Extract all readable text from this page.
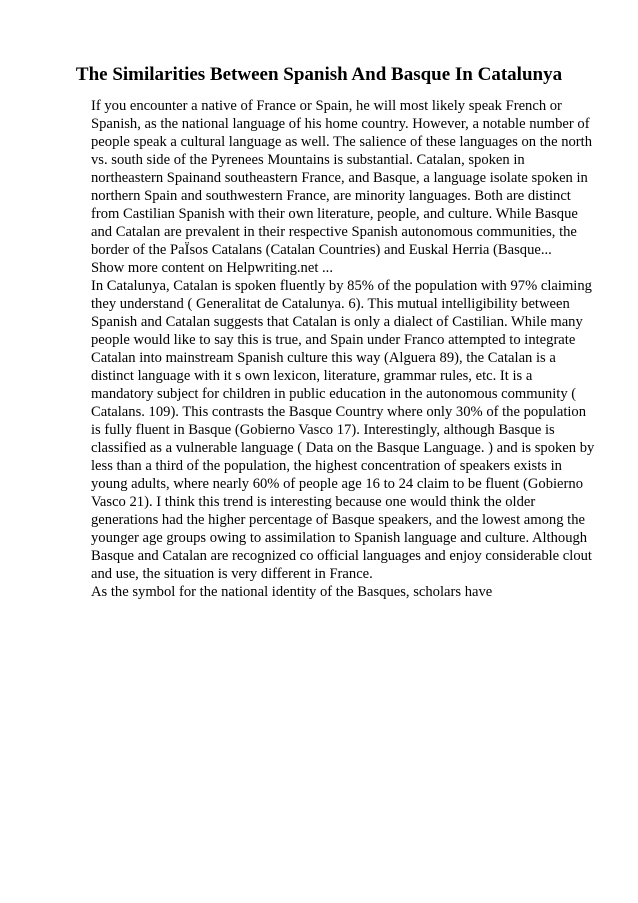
The Similarities Between Spanish And Basque In Catalunya

If you encounter a native of France or Spain, he will most likely speak French or
Spanish, as the national language of his home country. However, a notable number of
people speak a cultural language as well. The salience of these languages on the north
vs. south side of the Pyrenees Mountains is substantial. Catalan, spoken in
northeastern Spainand southeastern France, and Basque, a language isolate spoken in
northern Spain and southwestern France, are minority languages. Both are distinct
from Castilian Spanish with their own literature, people, and culture. While Basque
and Catalan are prevalent in their respective Spanish autonomous communities, the
border of the PaÏsos Catalans (Catalan Countries) and Euskal Herria (Basque...
Show more content on Helpwriting.net ...

In Catalunya, Catalan is spoken fluently by 85% of the population with 97% claiming
they understand ( Generalitat de Catalunya. 6). This mutual intelligibility between
Spanish and Catalan suggests that Catalan is only a dialect of Castilian. While many
people would like to say this is true, and Spain under Franco attempted to integrate
Catalan into mainstream Spanish culture this way (Alguera 89), the Catalan is a
distinct language with it s own lexicon, literature, grammar rules, etc. It is a
mandatory subject for children in public education in the autonomous community (
Catalans. 109). This contrasts the Basque Country where only 30% of the population
is fully fluent in Basque (Gobierno Vasco 17). Interestingly, although Basque is
classified as a vulnerable language ( Data on the Basque Language. ) and is spoken by
less than a third of the population, the highest concentration of speakers exists in
young adults, where nearly 60% of people age 16 to 24 claim to be fluent (Gobierno
Vasco 21). I think this trend is interesting because one would think the older
generations had the higher percentage of Basque speakers, and the lowest among the
younger age groups owing to assimilation to Spanish language and culture. Although
Basque and Catalan are recognized co official languages and enjoy considerable clout
and use, the situation is very different in France.

As the symbol for the national identity of the Basques, scholars have
